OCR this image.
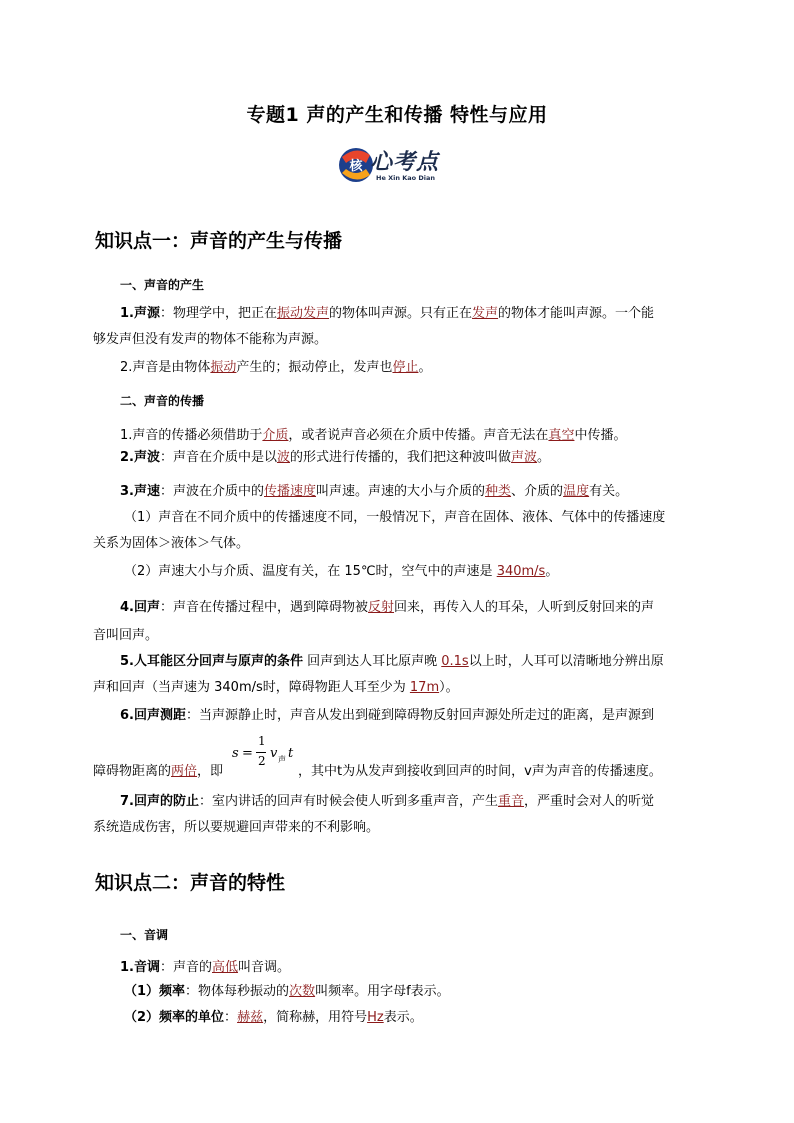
专题1 声的产生和传播 特性与应用
核 心考点
He Xin Kao Dian
知识点一：声音的产生与传播
一、声音的产生
1.声源：物理学中，把正在振动发声的物体叫声源。只有正在发声的物体才能叫声源。一个能
够发声但没有发声的物体不能称为声源。
2.声音是由物体振动产生的；振动停止，发声也停止。
二、声音的传播
1.声音的传播必须借助于介质，或者说声音必须在介质中传播。声音无法在真空中传播。
2.声波：声音在介质中是以波的形式进行传播的，我们把这种波叫做声波。
3.声速：声波在介质中的传播速度叫声速。声速的大小与介质的种类、介质的温度有关。
（1）声音在不同介质中的传播速度不同，一般情况下，声音在固体、液体、气体中的传播速度
关系为固体＞液体＞气体。
（2）声速大小与介质、温度有关，在 15℃时，空气中的声速是 340m/s。
4.回声：声音在传播过程中，遇到障碍物被反射回来，再传入人的耳朵，人听到反射回来的声
音叫回声。
5.人耳能区分回声与原声的条件 回声到达人耳比原声晚 0.1s以上时，人耳可以清晰地分辨出原
声和回声（当声速为 340m/s时，障碍物距人耳至少为 17m）。
6.回声测距：当声源静止时，声音从发出到碰到障碍物反射回声源处所走过的距离，是声源到
障碍物距离的两倍，即
s =
1
2 v 声 t
，其中t为从发声到接收到回声的时间，v声为声音的传播速度。
7.回声的防止：室内讲话的回声有时候会使人听到多重声音，产生重音，严重时会对人的听觉
系统造成伤害，所以要规避回声带来的不利影响。
知识点二：声音的特性
一、音调
1.音调：声音的高低叫音调。
（1）频率：物体每秒振动的次数叫频率。用字母f表示。
（2）频率的单位：赫兹，简称赫，用符号Hz表示。
